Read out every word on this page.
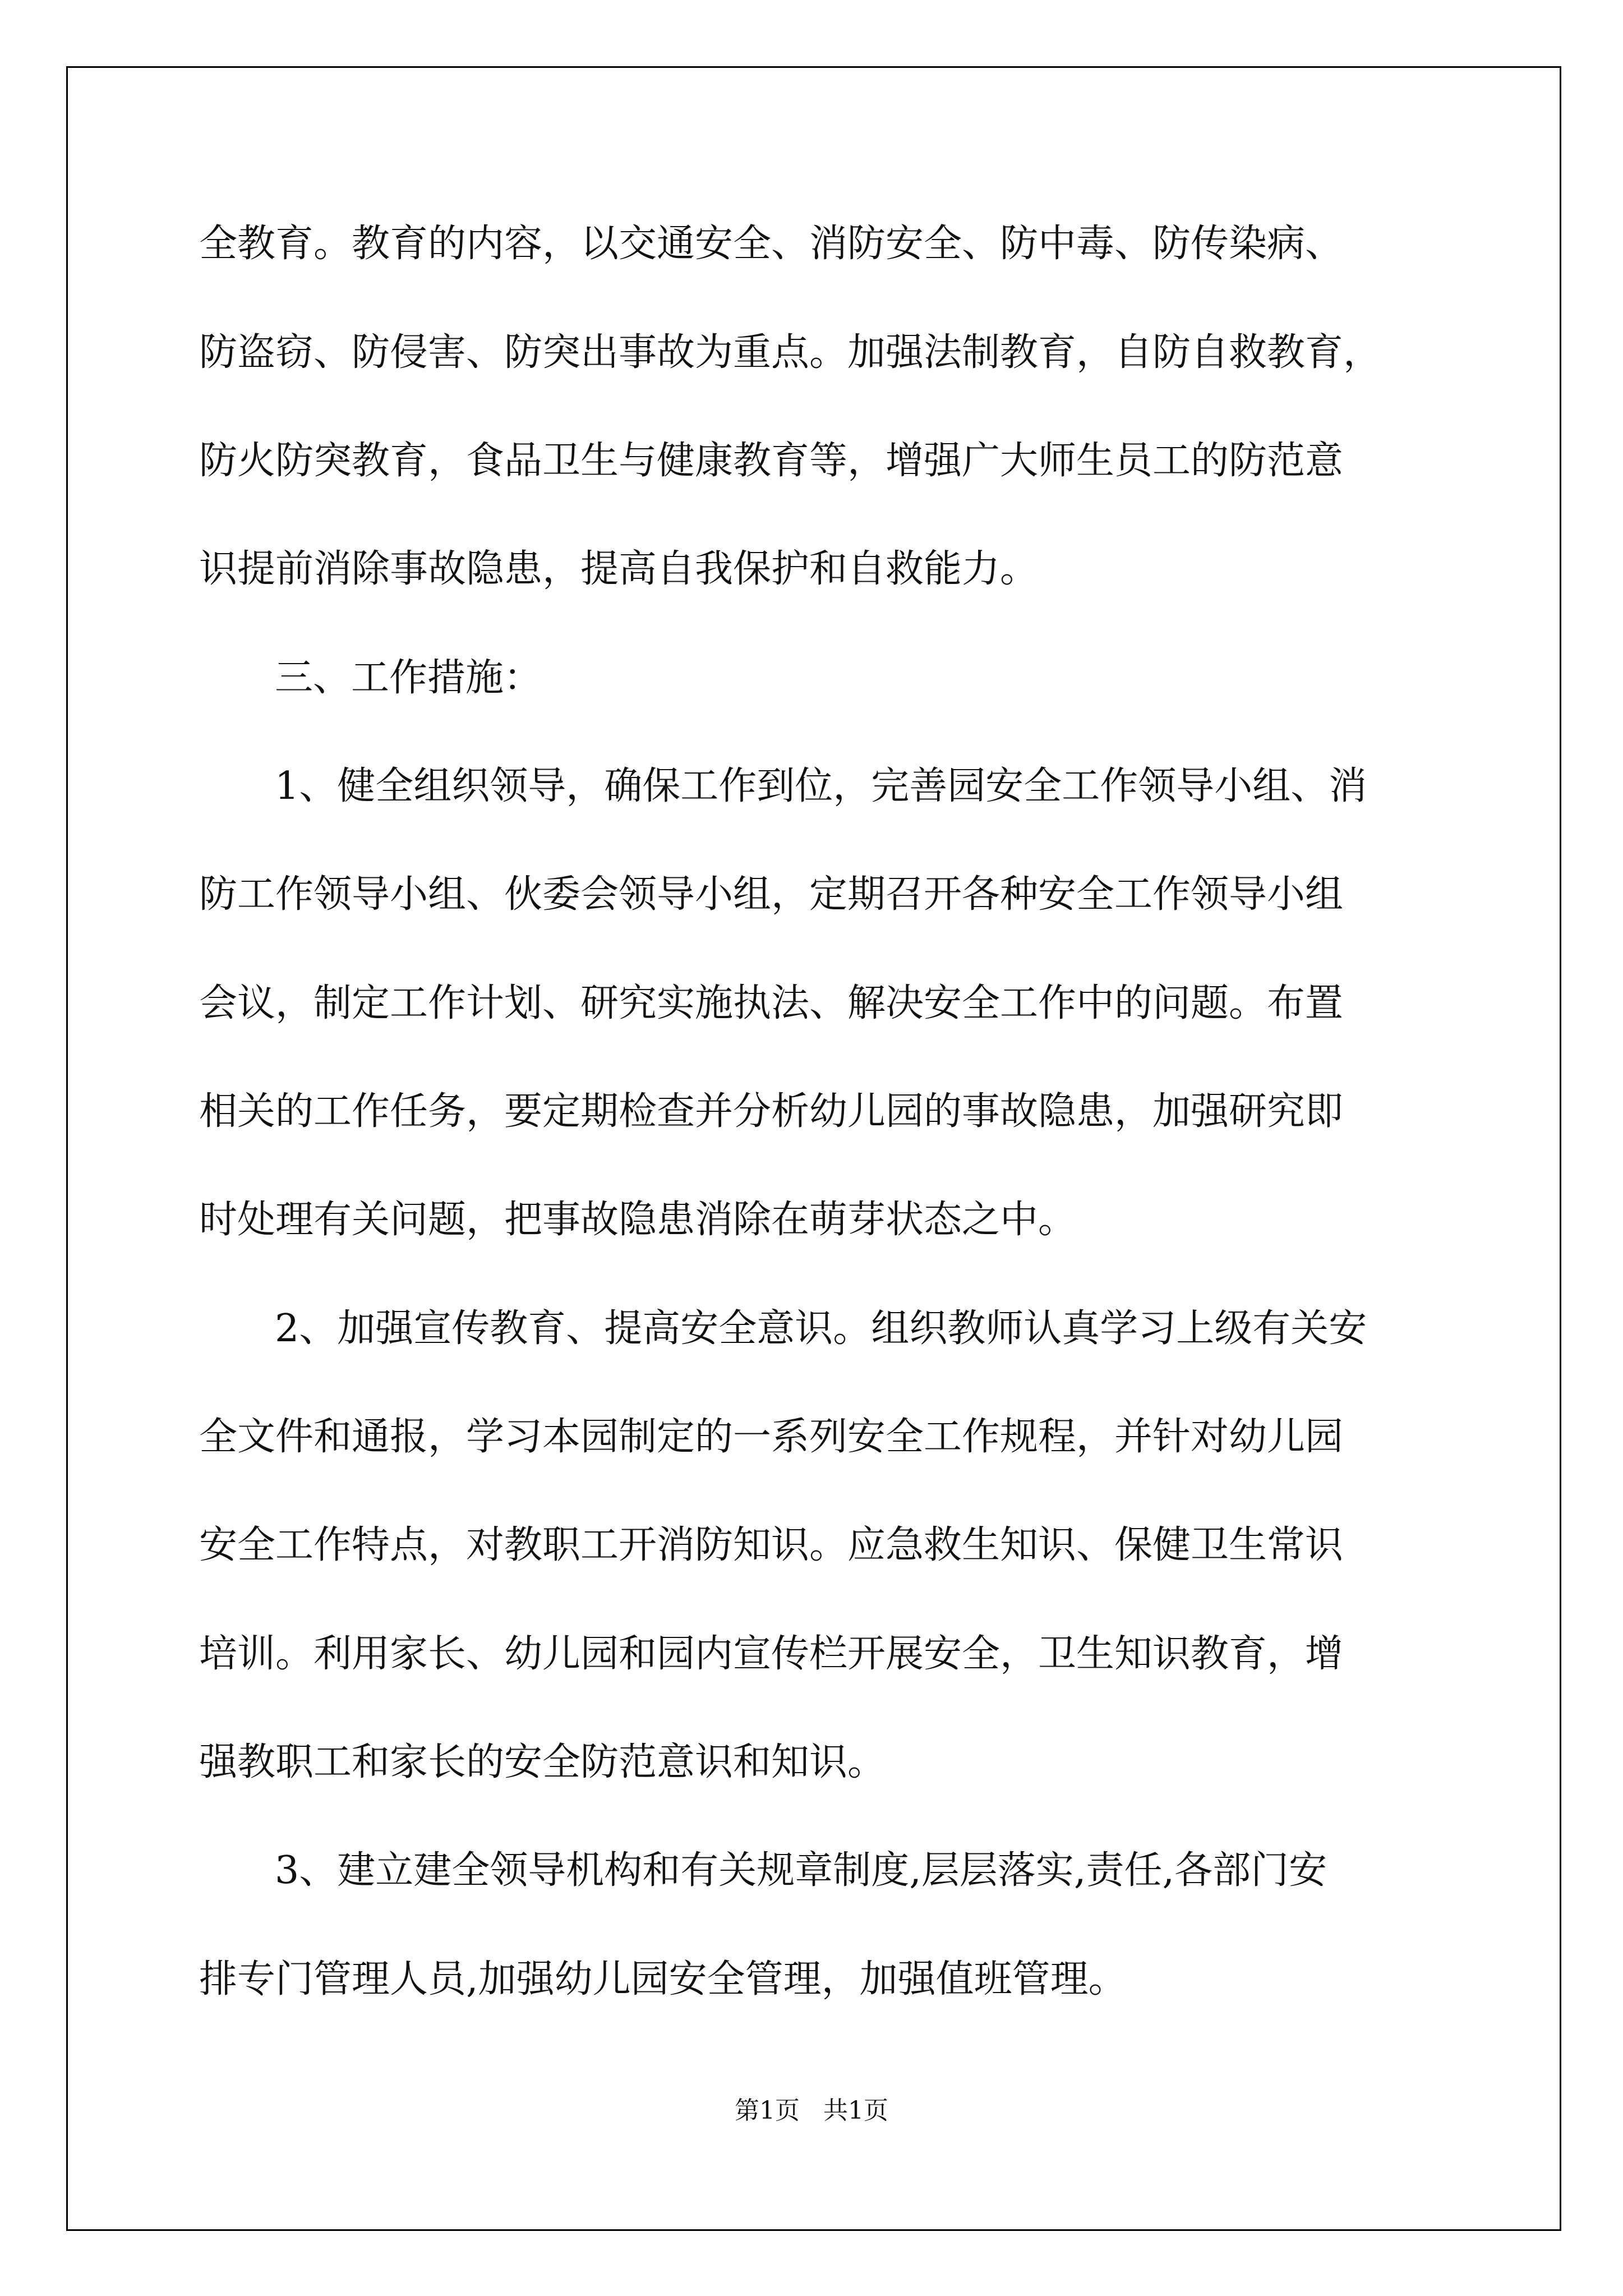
全教育。教育的内容，以交通安全、消防安全、防中毒、防传染病、

防盗窃、防侵害、防突出事故为重点。加强法制教育，自防自救教育，

防火防突教育，食品卫生与健康教育等，增强广大师生员工的防范意

识提前消除事故隐患，提高自我保护和自救能力。

三、工作措施：

1、健全组织领导，确保工作到位，完善园安全工作领导小组、消

防工作领导小组、伙委会领导小组，定期召开各种安全工作领导小组

会议，制定工作计划、研究实施执法、解决安全工作中的问题。布置

相关的工作任务，要定期检查并分析幼儿园的事故隐患，加强研究即

时处理有关问题，把事故隐患消除在萌芽状态之中。

2、加强宣传教育、提高安全意识。组织教师认真学习上级有关安

全文件和通报，学习本园制定的一系列安全工作规程，并针对幼儿园

安全工作特点，对教职工开消防知识。应急救生知识、保健卫生常识

培训。利用家长、幼儿园和园内宣传栏开展安全，卫生知识教育，增

强教职工和家长的安全防范意识和知识。

3、建立建全领导机构和有关规章制度,层层落实,责任,各部门安

排专门管理人员,加强幼儿园安全管理，加强值班管理。

第1页   共1页
